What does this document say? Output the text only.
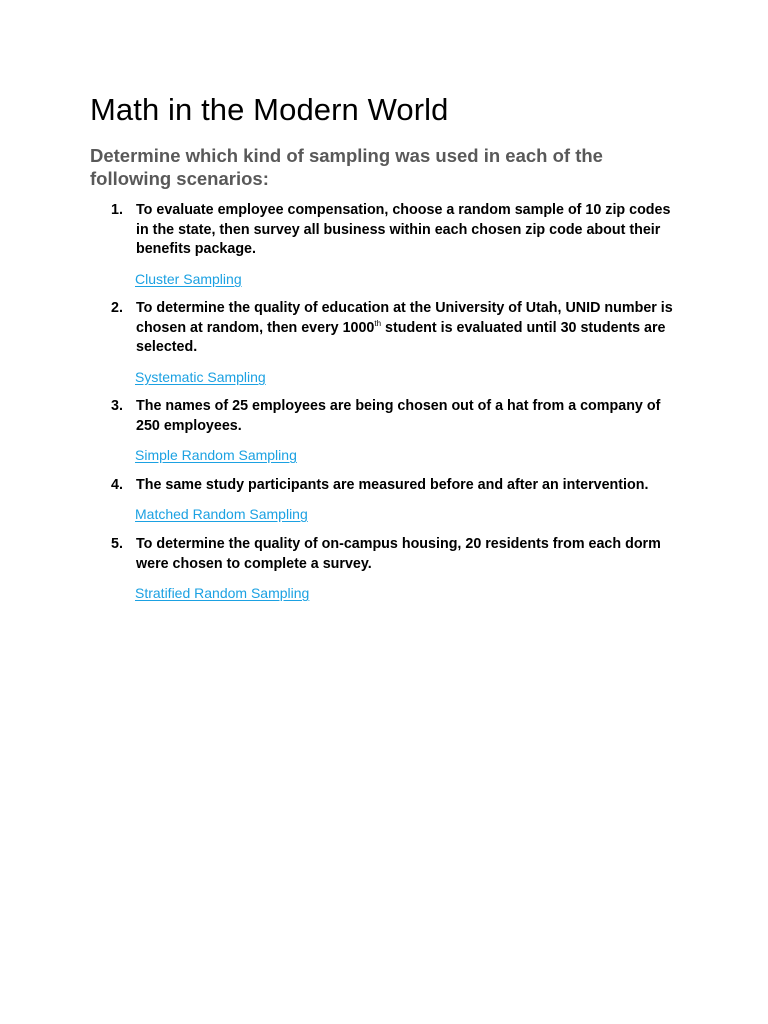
Math in the Modern World
Determine which kind of sampling was used in each of the following scenarios:
1. To evaluate employee compensation, choose a random sample of 10 zip codes in the state, then survey all business within each chosen zip code about their benefits package.
Cluster Sampling
2. To determine the quality of education at the University of Utah, UNID number is chosen at random, then every 1000th student is evaluated until 30 students are selected.
Systematic Sampling
3. The names of 25 employees are being chosen out of a hat from a company of 250 employees.
Simple Random Sampling
4. The same study participants are measured before and after an intervention.
Matched Random Sampling
5. To determine the quality of on-campus housing, 20 residents from each dorm were chosen to complete a survey.
Stratified Random Sampling
